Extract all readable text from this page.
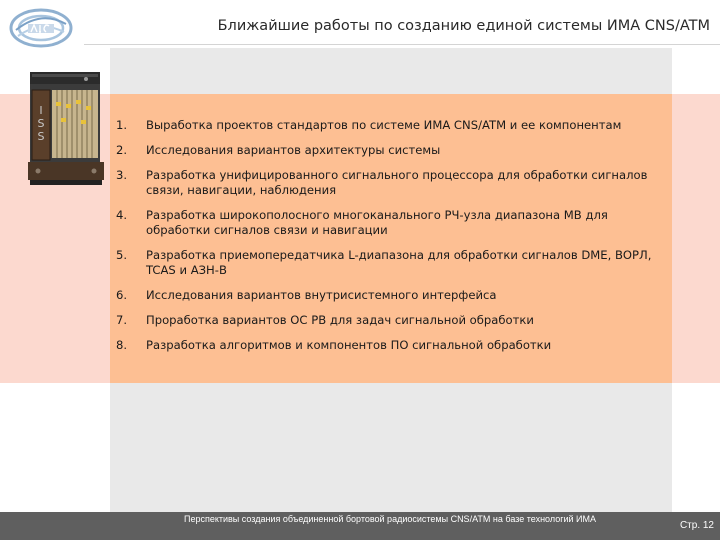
Ближайшие работы по созданию единой системы ИМА CNS/ATM
I S S
1.	Выработка проектов стандартов по системе ИМА CNS/ATM и ее компонентам
2.	Исследования вариантов архитектуры системы
3.	Разработка унифицированного сигнального процессора для обработки сигналов связи, навигации, наблюдения
4.	Разработка широкополосного многоканального РЧ-узла диапазона МВ для обработки сигналов связи и навигации
5.	Разработка приемопередатчика L-диапазона для обработки сигналов DME, ВОРЛ, TCAS и АЗН-В
6.	Исследования вариантов внутрисистемного интерфейса
7.	Проработка вариантов ОС РВ для задач сигнальной обработки
8.	Разработка алгоритмов и компонентов ПО сигнальной обработки
Перспективы создания объединенной бортовой радиосистемы CNS/ATM на базе технологий ИМА
Стр. 12
